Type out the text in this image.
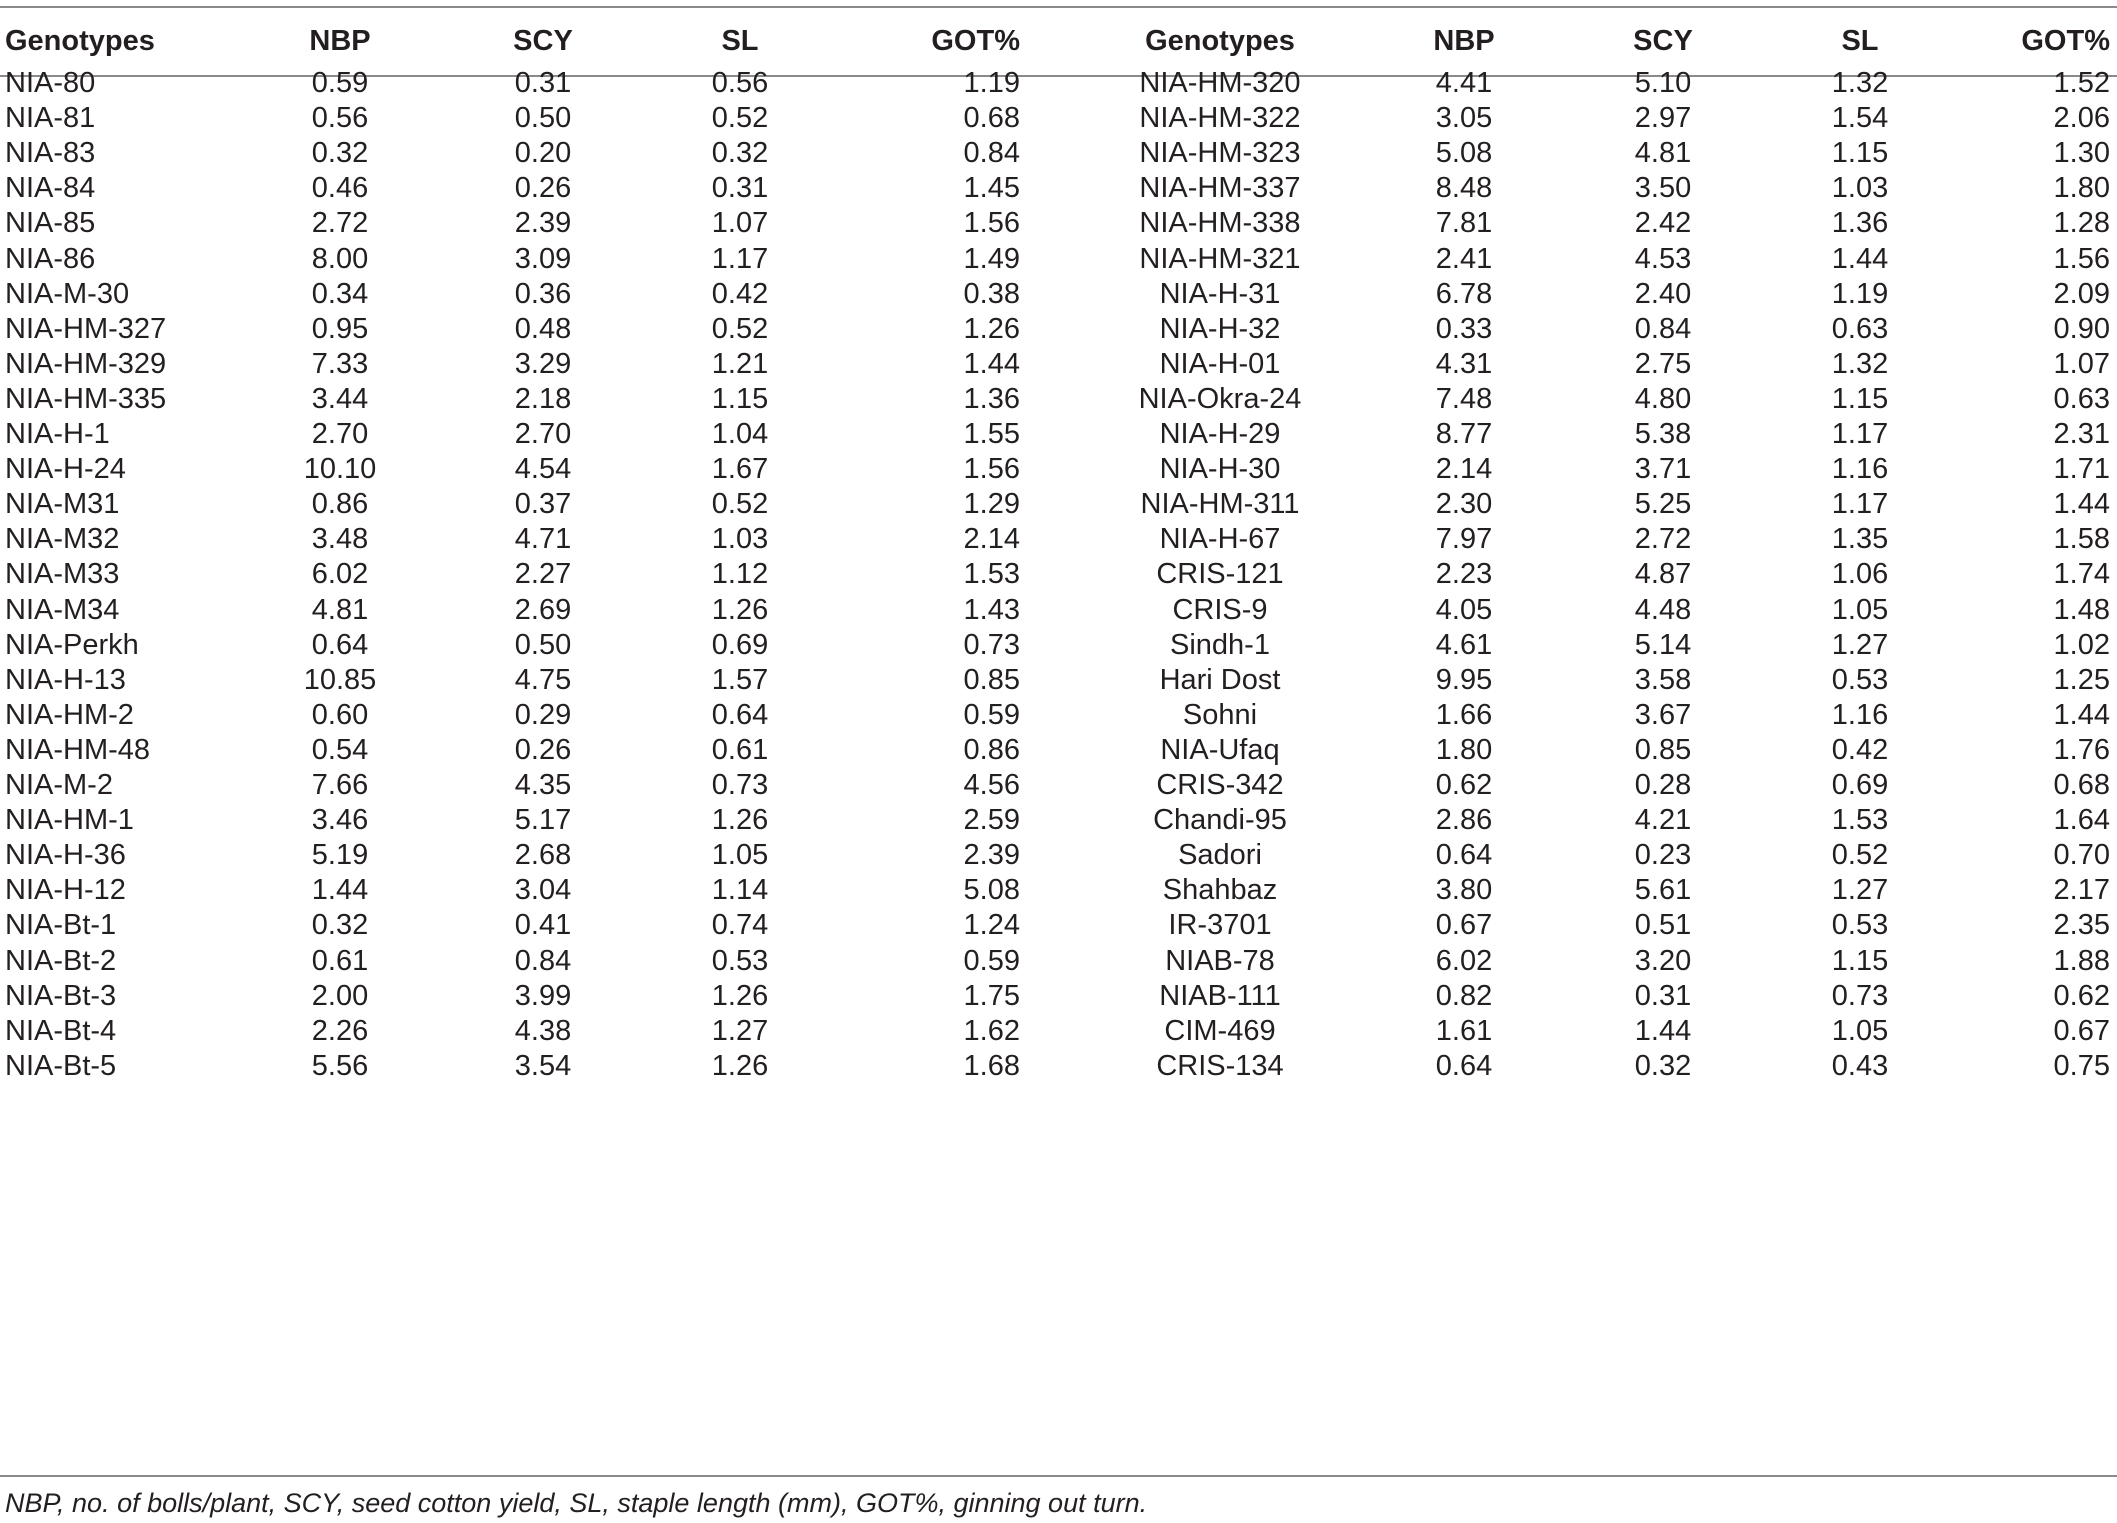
Genotypes	NBP	SCY	SL	GOT%	Genotypes	NBP	SCY	SL	GOT%
NIA-80	0.59	0.31	0.56	1.19	NIA-HM-320	4.41	5.10	1.32	1.52
NIA-81	0.56	0.50	0.52	0.68	NIA-HM-322	3.05	2.97	1.54	2.06
NIA-83	0.32	0.20	0.32	0.84	NIA-HM-323	5.08	4.81	1.15	1.30
NIA-84	0.46	0.26	0.31	1.45	NIA-HM-337	8.48	3.50	1.03	1.80
NIA-85	2.72	2.39	1.07	1.56	NIA-HM-338	7.81	2.42	1.36	1.28
NIA-86	8.00	3.09	1.17	1.49	NIA-HM-321	2.41	4.53	1.44	1.56
NIA-M-30	0.34	0.36	0.42	0.38	NIA-H-31	6.78	2.40	1.19	2.09
NIA-HM-327	0.95	0.48	0.52	1.26	NIA-H-32	0.33	0.84	0.63	0.90
NIA-HM-329	7.33	3.29	1.21	1.44	NIA-H-01	4.31	2.75	1.32	1.07
NIA-HM-335	3.44	2.18	1.15	1.36	NIA-Okra-24	7.48	4.80	1.15	0.63
NIA-H-1	2.70	2.70	1.04	1.55	NIA-H-29	8.77	5.38	1.17	2.31
NIA-H-24	10.10	4.54	1.67	1.56	NIA-H-30	2.14	3.71	1.16	1.71
NIA-M31	0.86	0.37	0.52	1.29	NIA-HM-311	2.30	5.25	1.17	1.44
NIA-M32	3.48	4.71	1.03	2.14	NIA-H-67	7.97	2.72	1.35	1.58
NIA-M33	6.02	2.27	1.12	1.53	CRIS-121	2.23	4.87	1.06	1.74
NIA-M34	4.81	2.69	1.26	1.43	CRIS-9	4.05	4.48	1.05	1.48
NIA-Perkh	0.64	0.50	0.69	0.73	Sindh-1	4.61	5.14	1.27	1.02
NIA-H-13	10.85	4.75	1.57	0.85	Hari Dost	9.95	3.58	0.53	1.25
NIA-HM-2	0.60	0.29	0.64	0.59	Sohni	1.66	3.67	1.16	1.44
NIA-HM-48	0.54	0.26	0.61	0.86	NIA-Ufaq	1.80	0.85	0.42	1.76
NIA-M-2	7.66	4.35	0.73	4.56	CRIS-342	0.62	0.28	0.69	0.68
NIA-HM-1	3.46	5.17	1.26	2.59	Chandi-95	2.86	4.21	1.53	1.64
NIA-H-36	5.19	2.68	1.05	2.39	Sadori	0.64	0.23	0.52	0.70
NIA-H-12	1.44	3.04	1.14	5.08	Shahbaz	3.80	5.61	1.27	2.17
NIA-Bt-1	0.32	0.41	0.74	1.24	IR-3701	0.67	0.51	0.53	2.35
NIA-Bt-2	0.61	0.84	0.53	0.59	NIAB-78	6.02	3.20	1.15	1.88
NIA-Bt-3	2.00	3.99	1.26	1.75	NIAB-111	0.82	0.31	0.73	0.62
NIA-Bt-4	2.26	4.38	1.27	1.62	CIM-469	1.61	1.44	1.05	0.67
NIA-Bt-5	5.56	3.54	1.26	1.68	CRIS-134	0.64	0.32	0.43	0.75
NBP, no. of bolls/plant, SCY, seed cotton yield, SL, staple length (mm), GOT%, ginning out turn.
